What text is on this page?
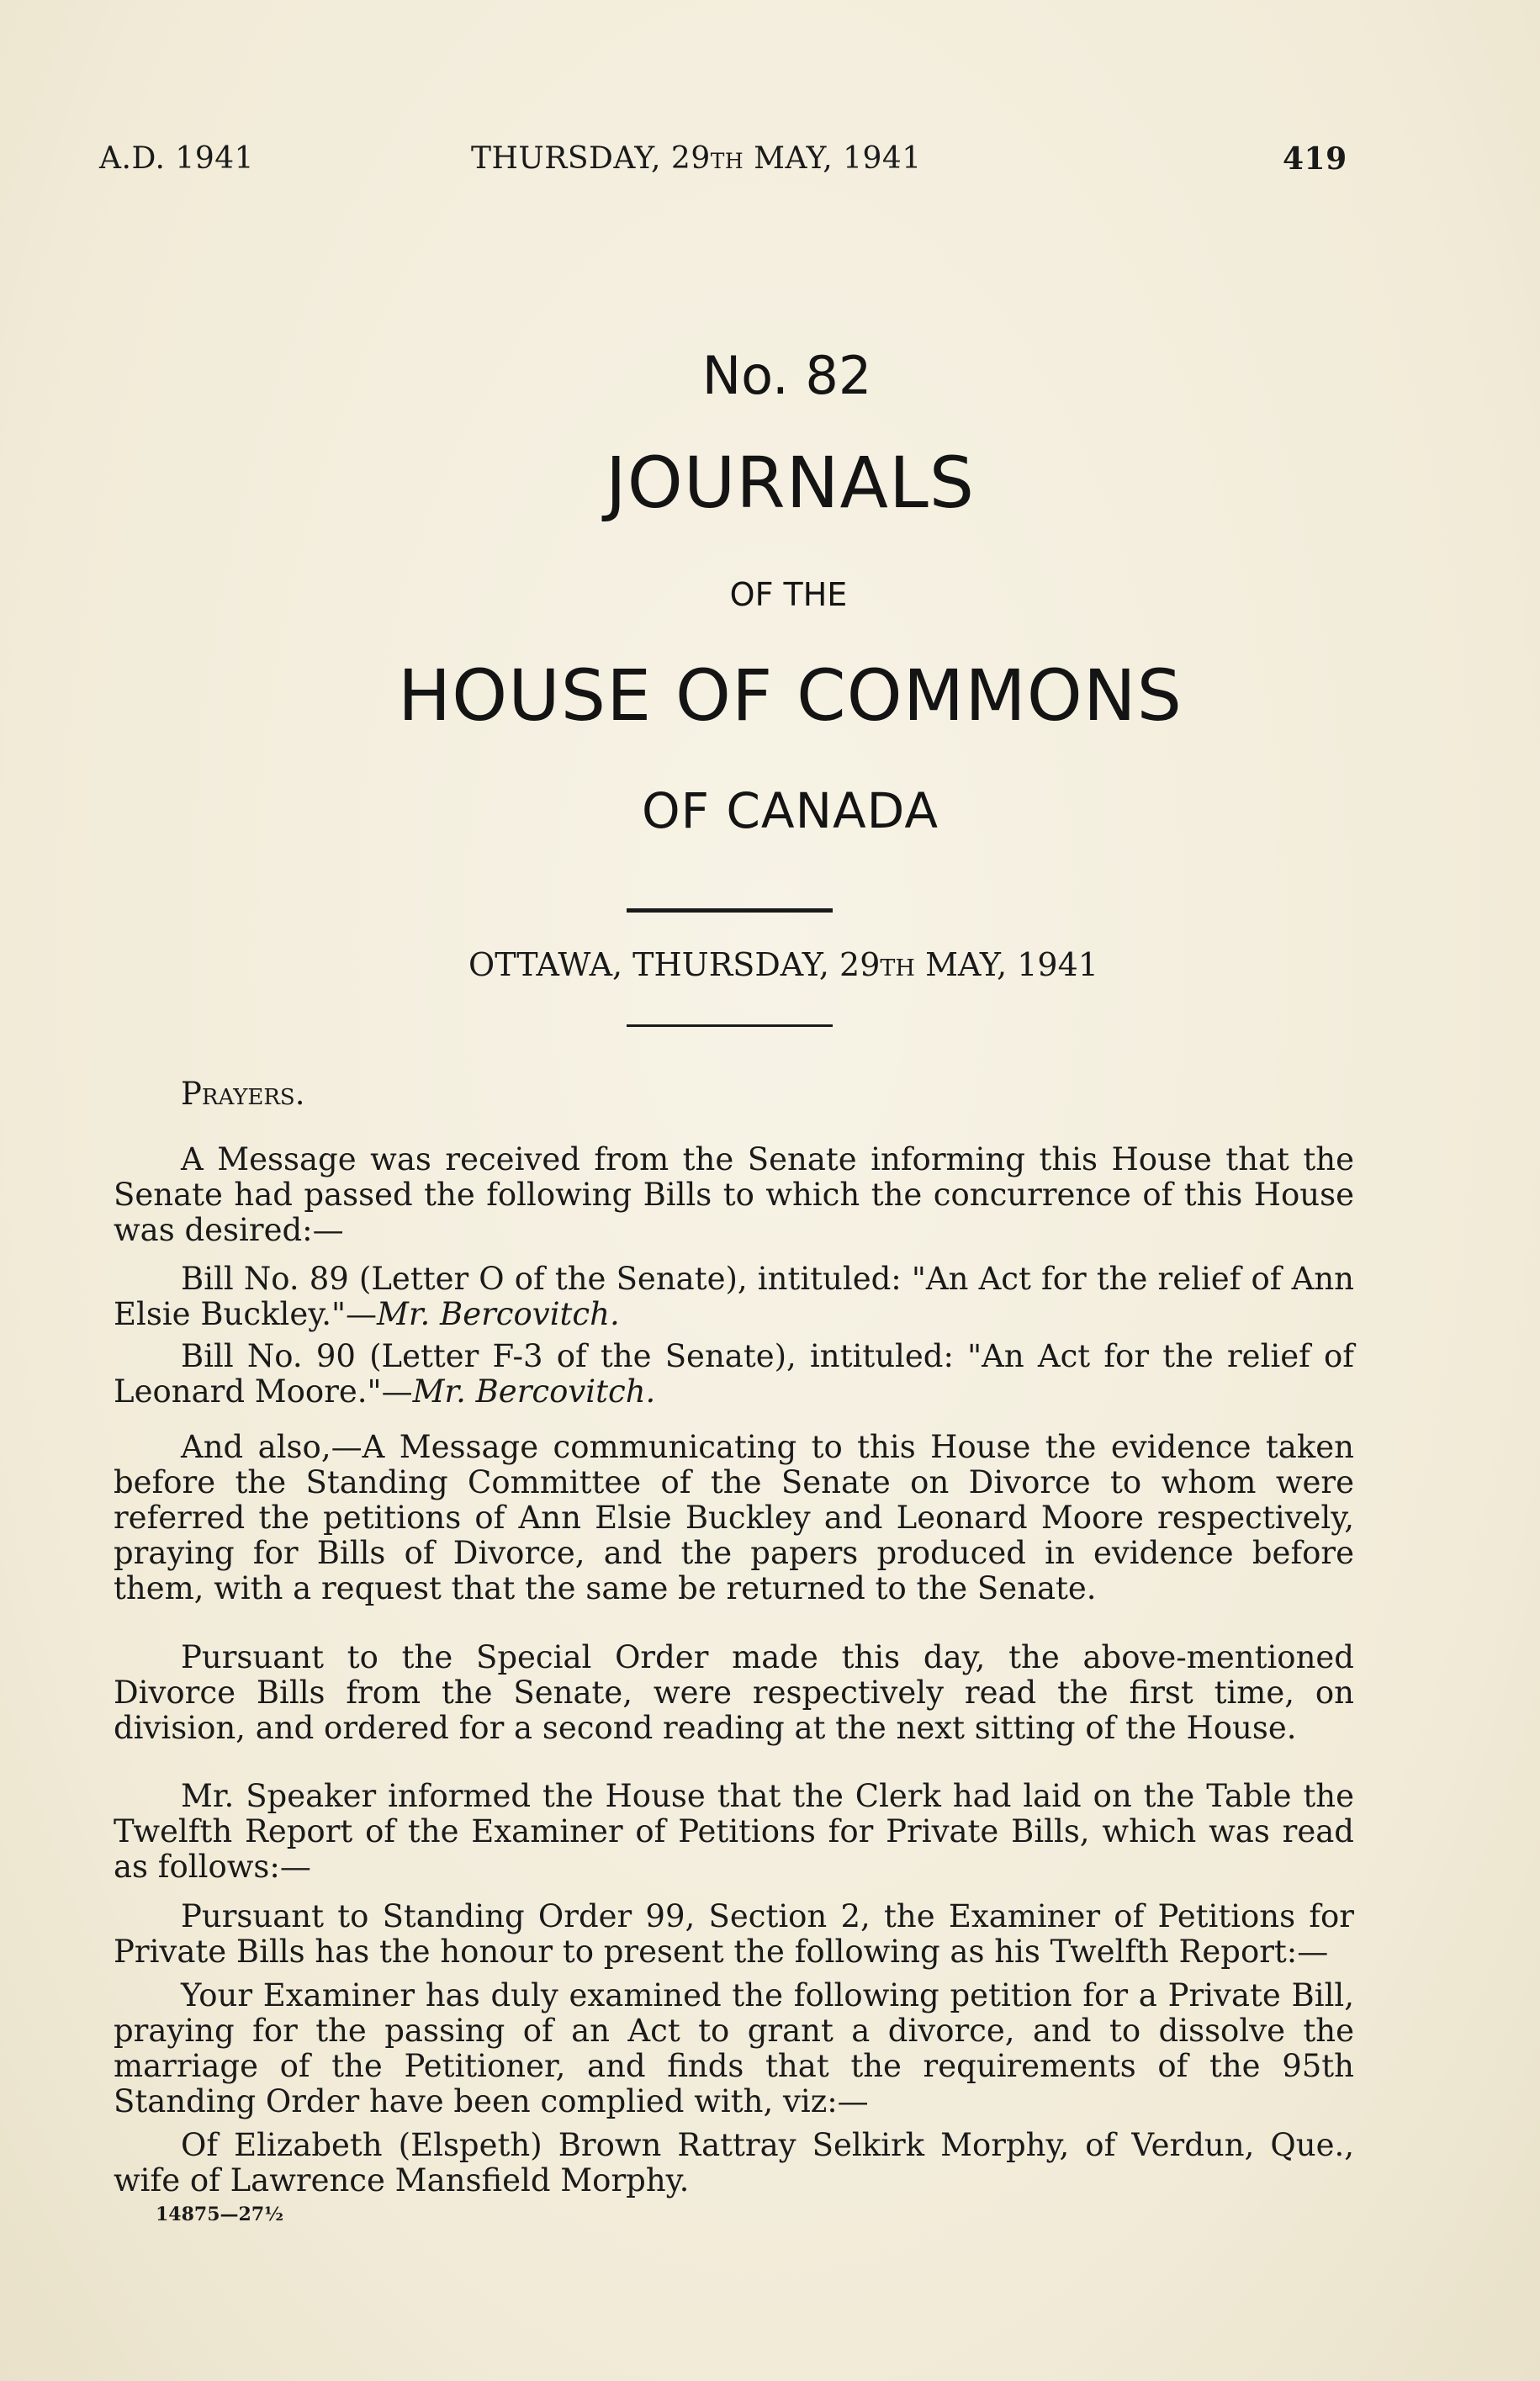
A.D. 1941	THURSDAY, 29th MAY, 1941	419
No. 82
JOURNALS
OF THE
HOUSE OF COMMONS
OF CANADA
OTTAWA, THURSDAY, 29th MAY, 1941

Prayers.

A Message was received from the Senate informing this House that the Senate had passed the following Bills to which the concurrence of this House was desired:—

Bill No. 89 (Letter O of the Senate), intituled: "An Act for the relief of Ann Elsie Buckley."—Mr. Bercovitch.

Bill No. 90 (Letter F-3 of the Senate), intituled: "An Act for the relief of Leonard Moore."—Mr. Bercovitch.

And also,—A Message communicating to this House the evidence taken before the Standing Committee of the Senate on Divorce to whom were referred the petitions of Ann Elsie Buckley and Leonard Moore respectively, praying for Bills of Divorce, and the papers produced in evidence before them, with a request that the same be returned to the Senate.

Pursuant to the Special Order made this day, the above-mentioned Divorce Bills from the Senate, were respectively read the first time, on division, and ordered for a second reading at the next sitting of the House.

Mr. Speaker informed the House that the Clerk had laid on the Table the Twelfth Report of the Examiner of Petitions for Private Bills, which was read as follows:—

Pursuant to Standing Order 99, Section 2, the Examiner of Petitions for Private Bills has the honour to present the following as his Twelfth Report:—

Your Examiner has duly examined the following petition for a Private Bill, praying for the passing of an Act to grant a divorce, and to dissolve the marriage of the Petitioner, and finds that the requirements of the 95th Standing Order have been complied with, viz:—

Of Elizabeth (Elspeth) Brown Rattray Selkirk Morphy, of Verdun, Que., wife of Lawrence Mansfield Morphy.

14875—27½
